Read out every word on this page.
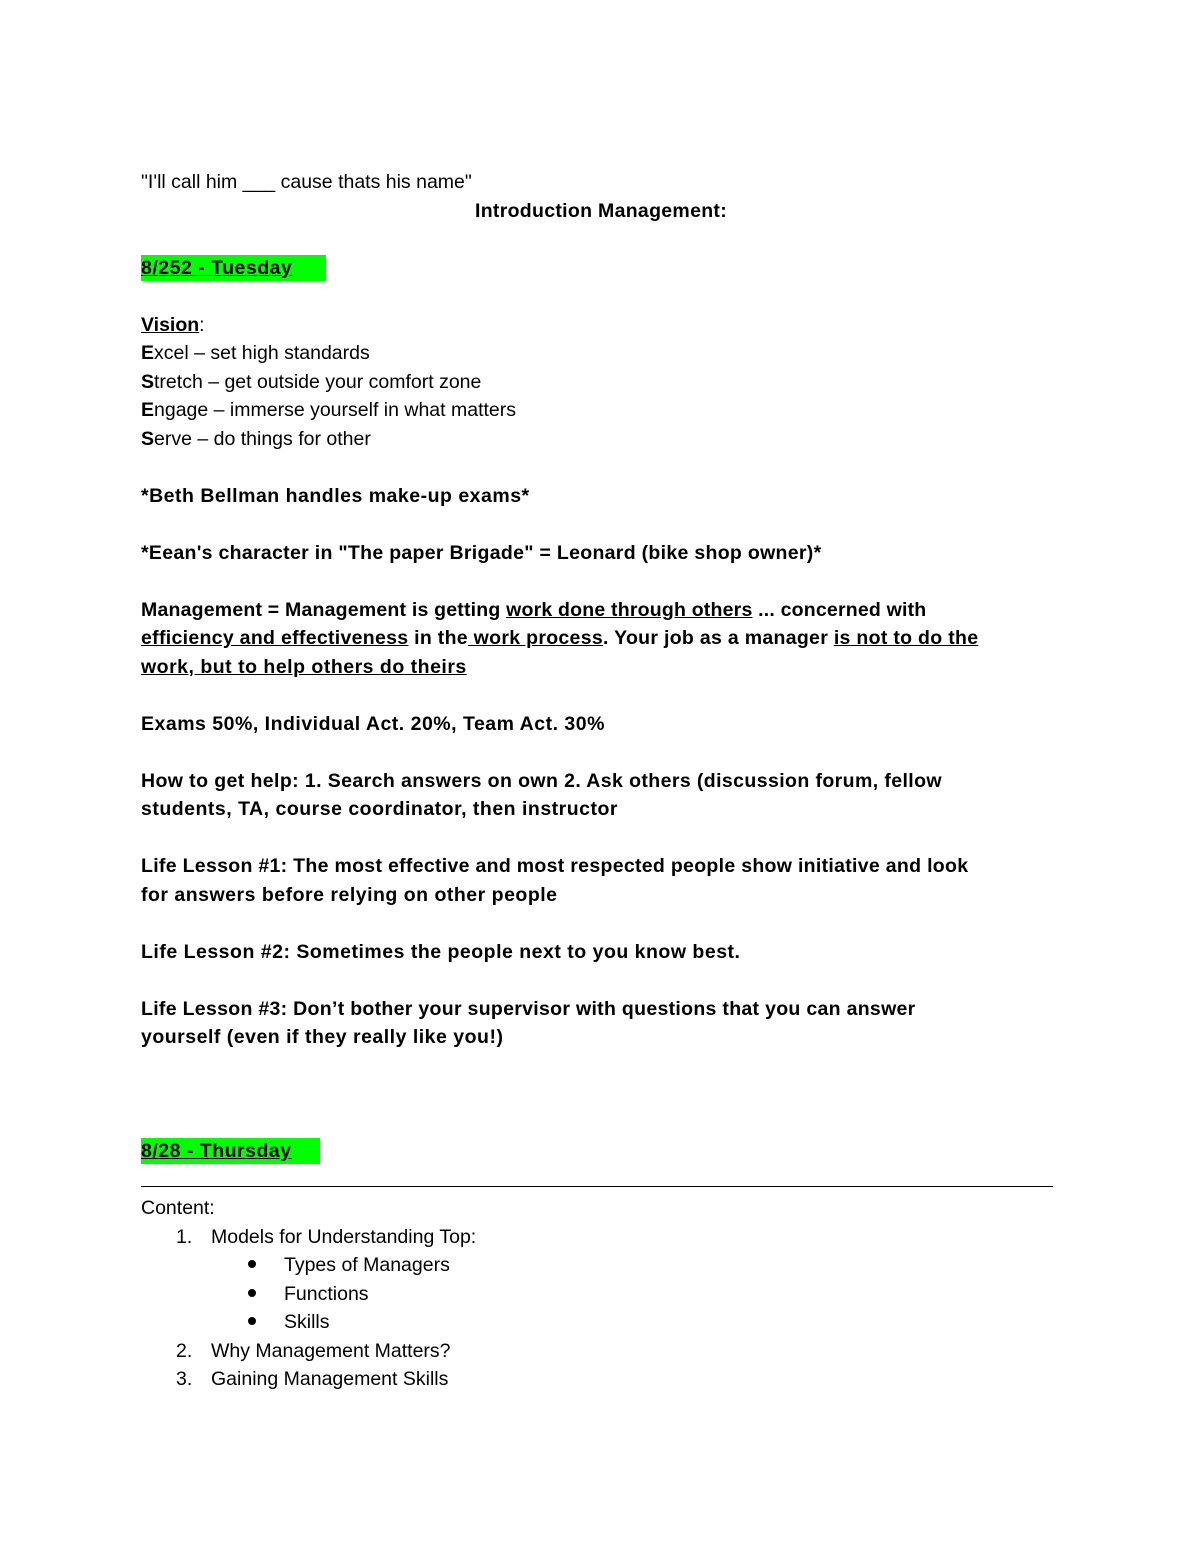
"I'll call him ___ cause thats his name"
Introduction Management:
8/252 - Tuesday
Vision:
Excel – set high standards
Stretch – get outside your comfort zone
Engage – immerse yourself in what matters
Serve – do things for other
*Beth Bellman handles make-up exams*
*Eean's character in "The paper Brigade" = Leonard (bike shop owner)*
Management = Management is getting work done through others ... concerned with
efficiency and effectiveness in the work process. Your job as a manager is not to do the
work, but to help others do theirs
Exams 50%, Individual Act. 20%, Team Act. 30%
How to get help: 1. Search answers on own 2. Ask others (discussion forum, fellow
students, TA, course coordinator, then instructor
Life Lesson #1: The most effective and most respected people show initiative and look
for answers before relying on other people
Life Lesson #2: Sometimes the people next to you know best.
Life Lesson #3: Don’t bother your supervisor with questions that you can answer
yourself (even if they really like you!)
8/28 - Thursday
Content:
1. Models for Understanding Top:
Types of Managers
Functions
Skills
2. Why Management Matters?
3. Gaining Management Skills
